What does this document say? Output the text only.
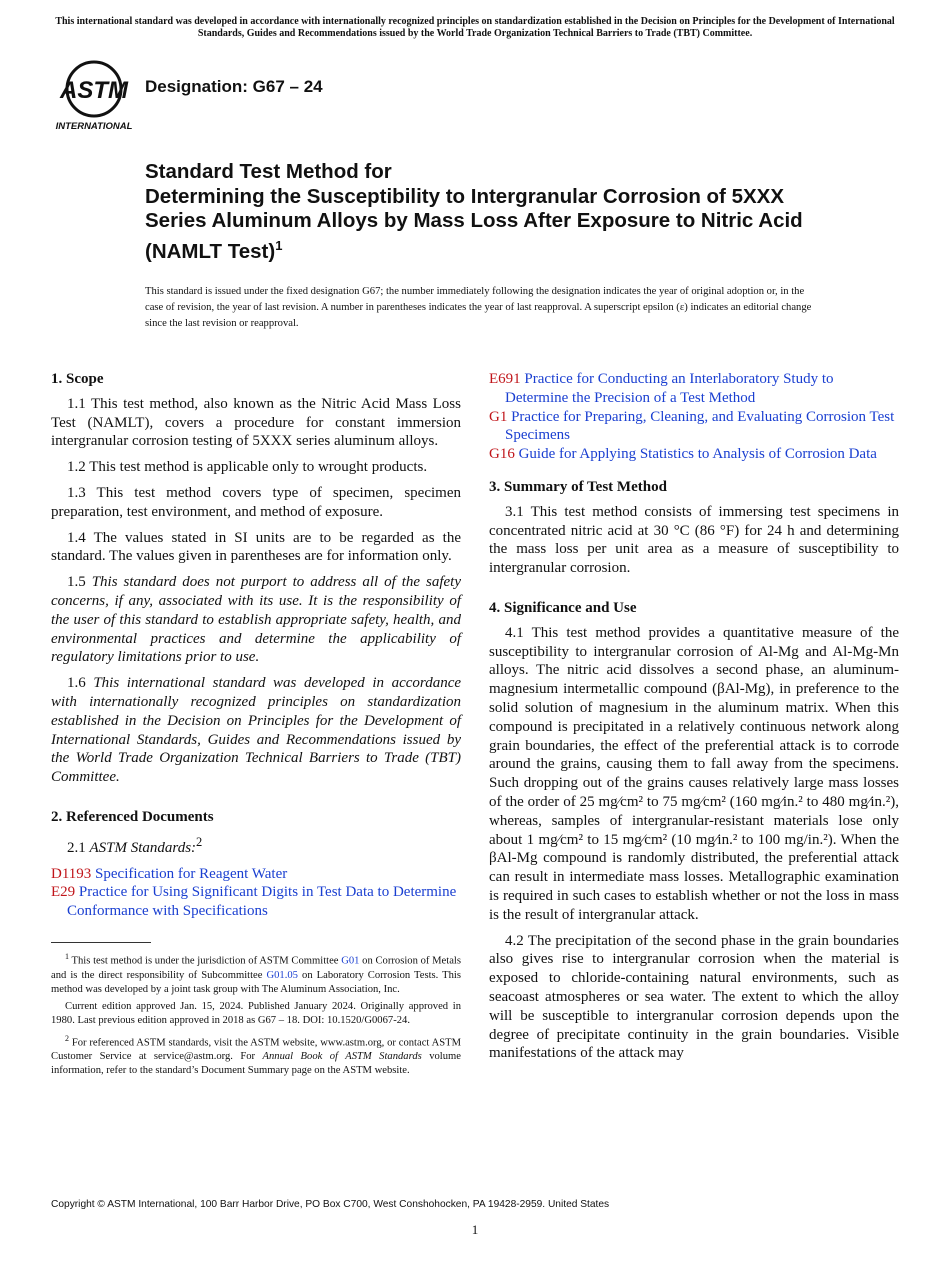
This international standard was developed in accordance with internationally recognized principles on standardization established in the Decision on Principles for the Development of International Standards, Guides and Recommendations issued by the World Trade Organization Technical Barriers to Trade (TBT) Committee.
ASTM
INTERNATIONAL
Designation: G67 – 24
Standard Test Method for
Determining the Susceptibility to Intergranular Corrosion of 5XXX Series Aluminum Alloys by Mass Loss After Exposure to Nitric Acid (NAMLT Test)$^1$
This standard is issued under the fixed designation G67; the number immediately following the designation indicates the year of original adoption or, in the case of revision, the year of last revision. A number in parentheses indicates the year of last reapproval. A superscript epsilon (ε) indicates an editorial change since the last revision or reapproval.

1. Scope

1.1 This test method, also known as the Nitric Acid Mass Loss Test (NAMLT), covers a procedure for constant immersion intergranular corrosion testing of 5XXX series aluminum alloys.

1.2 This test method is applicable only to wrought products.

1.3 This test method covers type of specimen, specimen preparation, test environment, and method of exposure.

1.4 The values stated in SI units are to be regarded as the standard. The values given in parentheses are for information only.

1.5 This standard does not purport to address all of the safety concerns, if any, associated with its use. It is the responsibility of the user of this standard to establish appropriate safety, health, and environmental practices and determine the applicability of regulatory limitations prior to use.

1.6 This international standard was developed in accordance with internationally recognized principles on standardization established in the Decision on Principles for the Development of International Standards, Guides and Recommendations issued by the World Trade Organization Technical Barriers to Trade (TBT) Committee.

2. Referenced Documents

2.1 ASTM Standards:$^2$

D1193 Specification for Reagent Water

E29 Practice for Using Significant Digits in Test Data to Determine Conformance with Specifications

$^1$ This test method is under the jurisdiction of ASTM Committee G01 on Corrosion of Metals and is the direct responsibility of Subcommittee G01.05 on Laboratory Corrosion Tests. This method was developed by a joint task group with The Aluminum Association, Inc.

Current edition approved Jan. 15, 2024. Published January 2024. Originally approved in 1980. Last previous edition approved in 2018 as G67 – 18. DOI: 10.1520/G0067-24.

$^2$ For referenced ASTM standards, visit the ASTM website, www.astm.org, or contact ASTM Customer Service at service@astm.org. For Annual Book of ASTM Standards volume information, refer to the standard’s Document Summary page on the ASTM website.

E691 Practice for Conducting an Interlaboratory Study to Determine the Precision of a Test Method

G1 Practice for Preparing, Cleaning, and Evaluating Corrosion Test Specimens

G16 Guide for Applying Statistics to Analysis of Corrosion Data

3. Summary of Test Method

3.1 This test method consists of immersing test specimens in concentrated nitric acid at 30 °C (86 °F) for 24 h and determining the mass loss per unit area as a measure of susceptibility to intergranular corrosion.

4. Significance and Use

4.1 This test method provides a quantitative measure of the susceptibility to intergranular corrosion of Al-Mg and Al-Mg-Mn alloys. The nitric acid dissolves a second phase, an aluminum-magnesium intermetallic compound (βAl-Mg), in preference to the solid solution of magnesium in the aluminum matrix. When this compound is precipitated in a relatively continuous network along grain boundaries, the effect of the preferential attack is to corrode around the grains, causing them to fall away from the specimens. Such dropping out of the grains causes relatively large mass losses of the order of 25 mg⁄cm² to 75 mg⁄cm² (160 mg⁄in.² to 480 mg⁄in.²), whereas, samples of intergranular-resistant materials lose only about 1 mg⁄cm² to 15 mg⁄cm² (10 mg⁄in.² to 100 mg/in.²). When the βAl-Mg compound is randomly distributed, the preferential attack can result in intermediate mass losses. Metallographic examination is required in such cases to establish whether or not the loss in mass is the result of intergranular attack.

4.2 The precipitation of the second phase in the grain boundaries also gives rise to intergranular corrosion when the material is exposed to chloride-containing natural environments, such as seacoast atmospheres or sea water. The extent to which the alloy will be susceptible to intergranular corrosion depends upon the degree of precipitate continuity in the grain boundaries. Visible manifestations of the attack may

Copyright © ASTM International, 100 Barr Harbor Drive, PO Box C700, West Conshohocken, PA 19428-2959. United States
1
